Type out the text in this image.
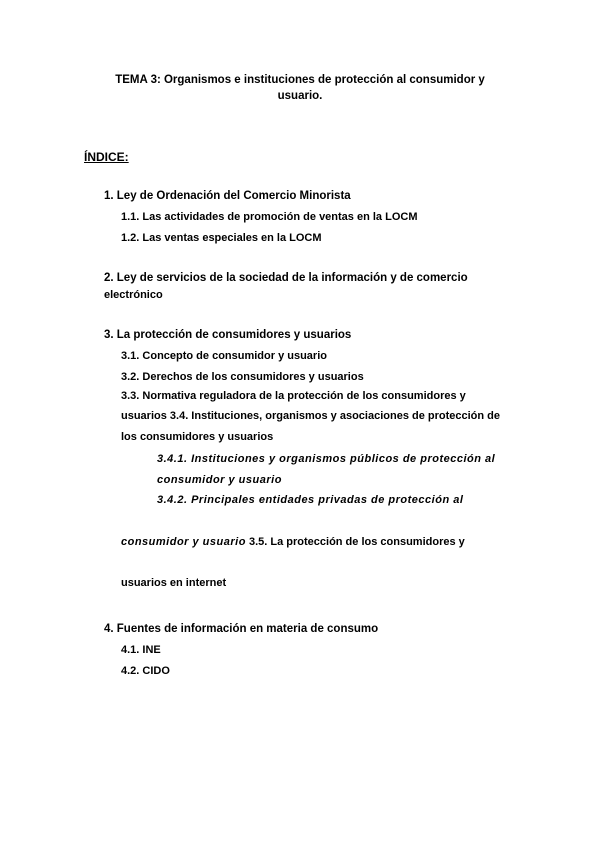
TEMA 3: Organismos e instituciones de protección al consumidor y
usuario.
ÍNDICE:
1. Ley de Ordenación del Comercio Minorista
1.1. Las actividades de promoción de ventas en la LOCM
1.2. Las ventas especiales en la LOCM
2. Ley de servicios de la sociedad de la información y de comercio
electrónico
3. La protección de consumidores y usuarios
3.1. Concepto de consumidor y usuario
3.2. Derechos de los consumidores y usuarios
3.3. Normativa reguladora de la protección de los consumidores y
usuarios 3.4. Instituciones, organismos y asociaciones de protección de
los consumidores y usuarios
3.4.1. Instituciones y organismos públicos de protección al
consumidor y usuario
3.4.2. Principales entidades privadas de protección al
consumidor y usuario 3.5. La protección de los consumidores y
usuarios en internet
4. Fuentes de información en materia de consumo
4.1. INE
4.2. CIDO
